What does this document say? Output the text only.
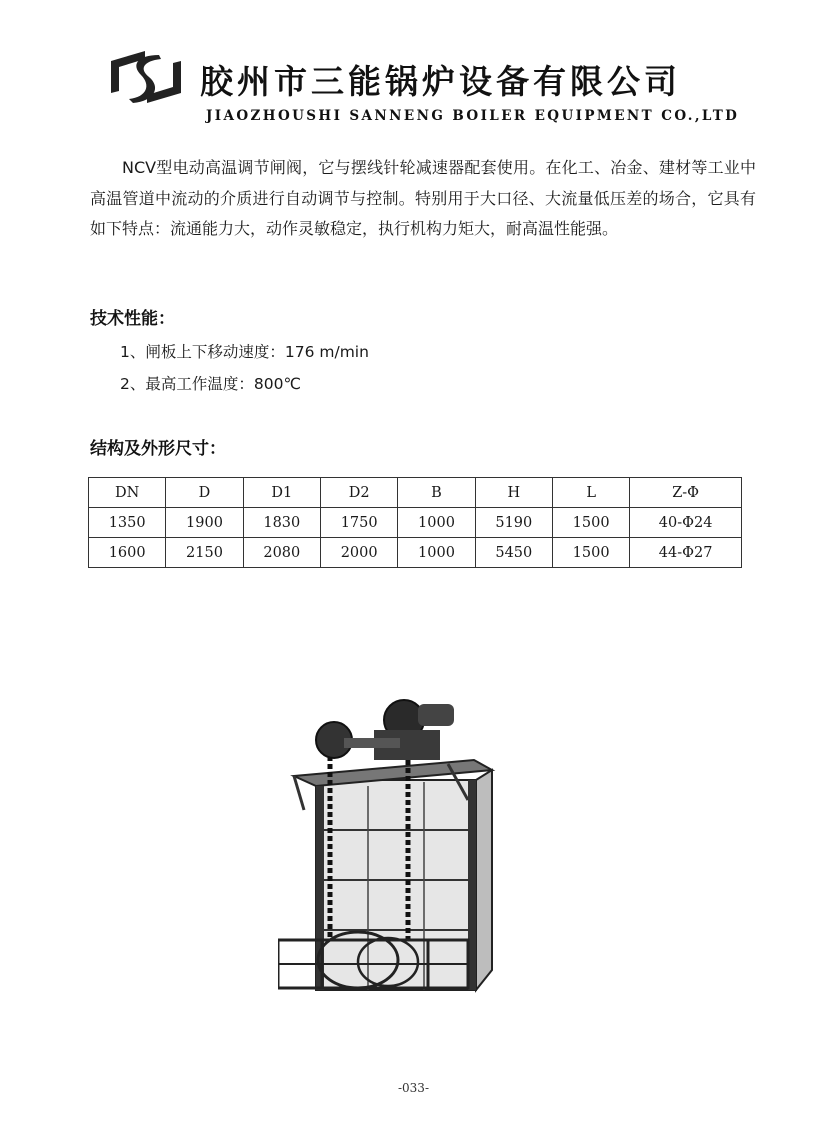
胶州市三能锅炉设备有限公司
JIAOZHOUSHI SANNENG BOILER EQUIPMENT CO.,LTD
NCV型电动高温调节闸阀，它与摆线针轮减速器配套使用。在化工、冶金、建材等工业中高温管道中流动的介质进行自动调节与控制。特别用于大口径、大流量低压差的场合，它具有如下特点：流通能力大，动作灵敏稳定，执行机构力矩大，耐高温性能强。
技术性能：
1、闸板上下移动速度：176 m/min
2、最高工作温度：800℃
结构及外形尺寸：
DN	D	D1	D2	B	H	L	Z-Φ
1350	1900	1830	1750	1000	5190	1500	40-Φ24
1600	2150	2080	2000	1000	5450	1500	44-Φ27
-033-
